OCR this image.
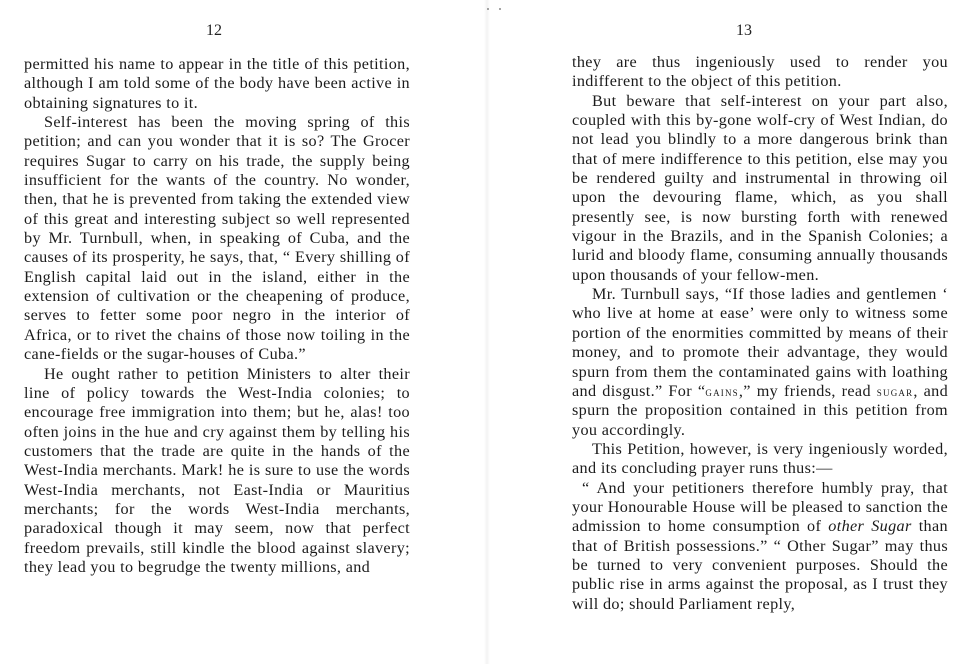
12

permitted his name to appear in the title of this petition, although I am told some of the body have been active in obtaining signatures to it.

Self-interest has been the moving spring of this petition; and can you wonder that it is so? The Grocer requires Sugar to carry on his trade, the supply being insufficient for the wants of the country. No wonder, then, that he is prevented from taking the extended view of this great and interesting subject so well represented by Mr. Turnbull, when, in speaking of Cuba, and the causes of its prosperity, he says, that, “ Every shilling of English capital laid out in the island, either in the extension of cultivation or the cheapening of produce, serves to fetter some poor negro in the interior of Africa, or to rivet the chains of those now toiling in the cane-fields or the sugar-houses of Cuba.”

He ought rather to petition Ministers to alter their line of policy towards the West-India colonies; to encourage free immigration into them; but he, alas! too often joins in the hue and cry against them by telling his customers that the trade are quite in the hands of the West-India merchants. Mark! he is sure to use the words West-India merchants, not East-India or Mauritius merchants; for the words West-India merchants, paradoxical though it may seem, now that perfect freedom prevails, still kindle the blood against slavery; they lead you to begrudge the twenty millions, and

13

they are thus ingeniously used to render you indifferent to the object of this petition.

But beware that self-interest on your part also, coupled with this by-gone wolf-cry of West Indian, do not lead you blindly to a more dangerous brink than that of mere indifference to this petition, else may you be rendered guilty and instrumental in throwing oil upon the devouring flame, which, as you shall presently see, is now bursting forth with renewed vigour in the Brazils, and in the Spanish Colonies; a lurid and bloody flame, consuming annually thousands upon thousands of your fellow-men.

Mr. Turnbull says, “If those ladies and gentlemen ‘ who live at home at ease’ were only to witness some portion of the enormities committed by means of their money, and to promote their advantage, they would spurn from them the contaminated gains with loathing and disgust.” For “gains,” my friends, read sugar, and spurn the proposition contained in this petition from you accordingly.

This Petition, however, is very ingeniously worded, and its concluding prayer runs thus:—

“ And your petitioners therefore humbly pray, that your Honourable House will be pleased to sanction the admission to home consumption of other Sugar than that of British possessions.” “ Other Sugar” may thus be turned to very convenient purposes. Should the public rise in arms against the proposal, as I trust they will do; should Parliament reply,
